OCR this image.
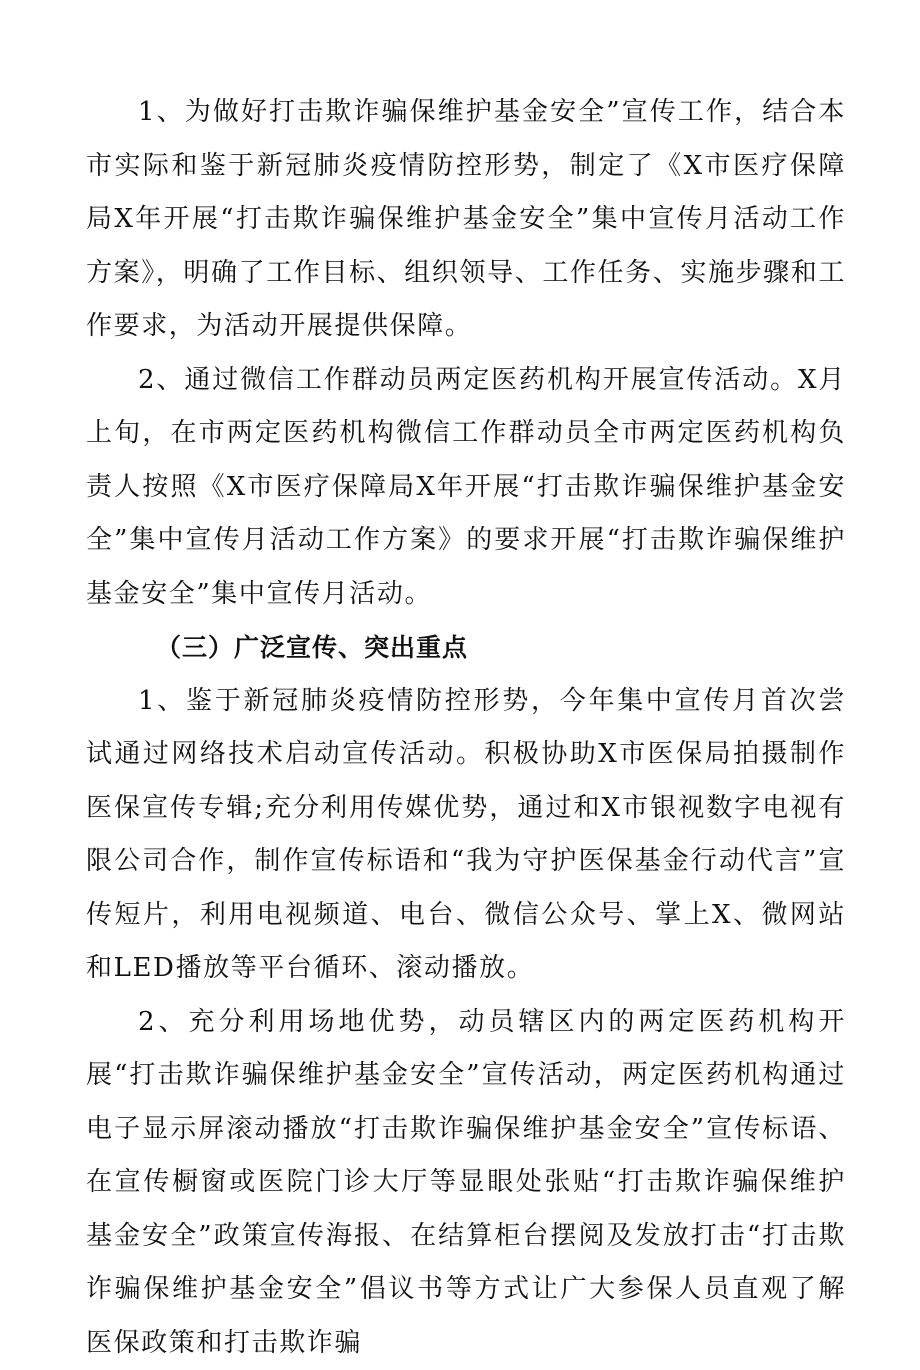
1、为做好打击欺诈骗保维护基金安全”宣传工作，结合本市实际和鉴于新冠肺炎疫情防控形势，制定了《X市医疗保障局X年开展“打击欺诈骗保维护基金安全”集中宣传月活动工作方案》，明确了工作目标、组织领导、工作任务、实施步骤和工作要求，为活动开展提供保障。

2、通过微信工作群动员两定医药机构开展宣传活动。X月上旬，在市两定医药机构微信工作群动员全市两定医药机构负责人按照《X市医疗保障局X年开展“打击欺诈骗保维护基金安全”集中宣传月活动工作方案》的要求开展“打击欺诈骗保维护基金安全”集中宣传月活动。

（三）广泛宣传、突出重点

1、鉴于新冠肺炎疫情防控形势，今年集中宣传月首次尝试通过网络技术启动宣传活动。积极协助X市医保局拍摄制作医保宣传专辑;充分利用传媒优势，通过和X市银视数字电视有限公司合作，制作宣传标语和“我为守护医保基金行动代言”宣传短片，利用电视频道、电台、微信公众号、掌上X、微网站和LED播放等平台循环、滚动播放。

2、充分利用场地优势，动员辖区内的两定医药机构开展“打击欺诈骗保维护基金安全”宣传活动，两定医药机构通过电子显示屏滚动播放“打击欺诈骗保维护基金安全”宣传标语、在宣传橱窗或医院门诊大厅等显眼处张贴“打击欺诈骗保维护基金安全”政策宣传海报、在结算柜台摆阅及发放打击“打击欺诈骗保维护基金安全”倡议书等方式让广大参保人员直观了解医保政策和打击欺诈骗
